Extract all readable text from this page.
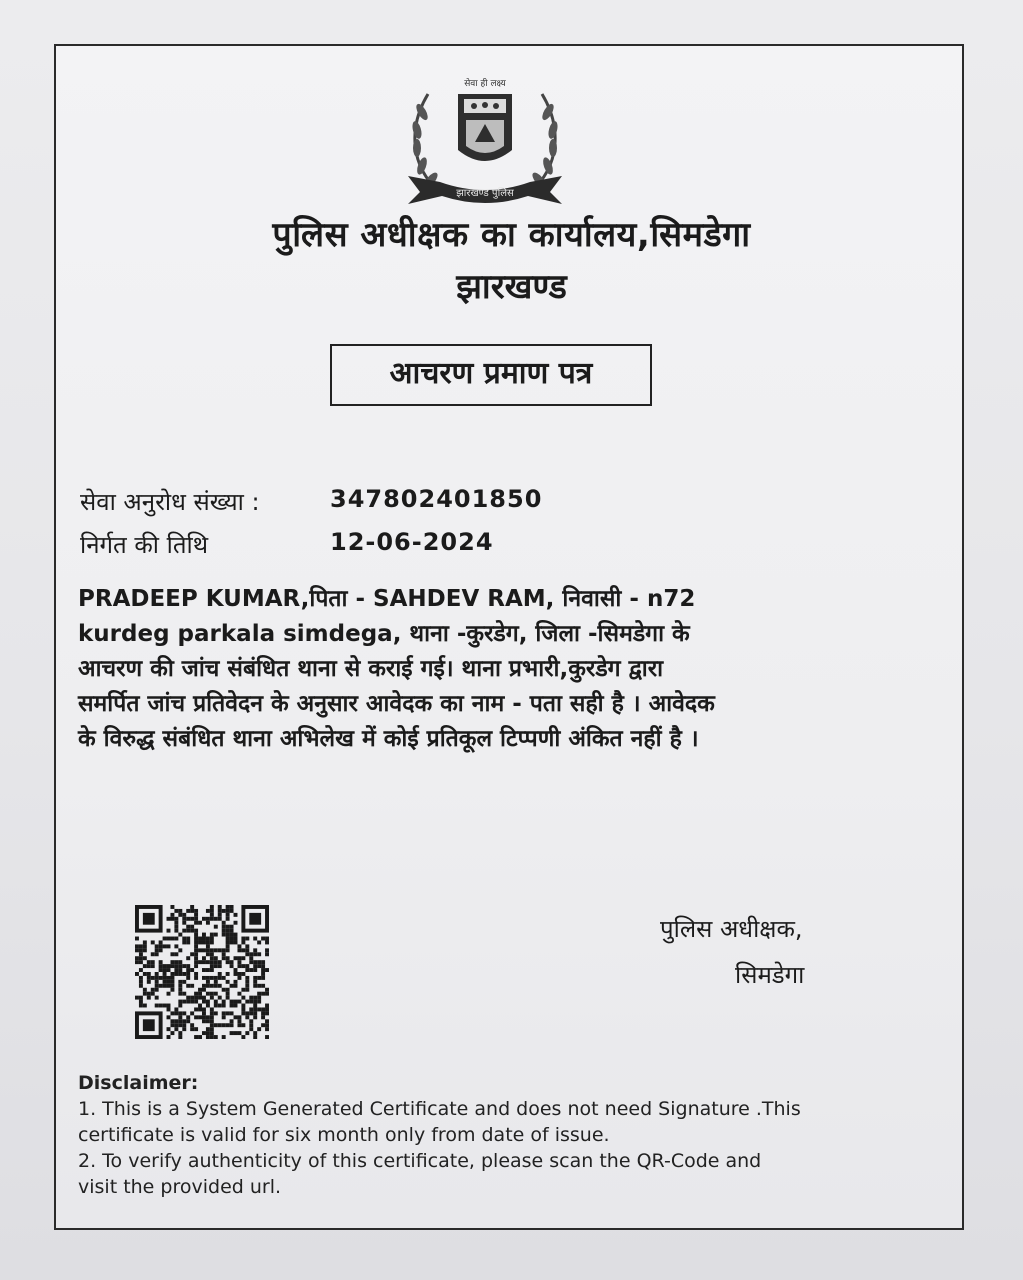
सेवा ही लक्ष्य
झारखण्ड पुलिस
पुलिस अधीक्षक का कार्यालय,सिमडेगा
झारखण्ड
आचरण प्रमाण पत्र
सेवा अनुरोध संख्या :	347802401850
निर्गत की तिथि	12-06-2024
PRADEEP KUMAR,पिता - SAHDEV RAM, निवासी - n72
kurdeg parkala simdega, थाना -कुरडेग, जिला -सिमडेगा के
आचरण की जांच संबंधित थाना से कराई गई। थाना प्रभारी,कुरडेग द्वारा
समर्पित जांच प्रतिवेदन के अनुसार आवेदक का नाम - पता सही है । आवेदक
के विरुद्ध संबंधित थाना अभिलेख में कोई प्रतिकूल टिप्पणी अंकित नहीं है ।
पुलिस अधीक्षक,
सिमडेगा
Disclaimer:
1. This is a System Generated Certificate and does not need Signature .This
certificate is valid for six month only from date of issue.
2. To verify authenticity of this certificate, please scan the QR-Code and
visit the provided url.
